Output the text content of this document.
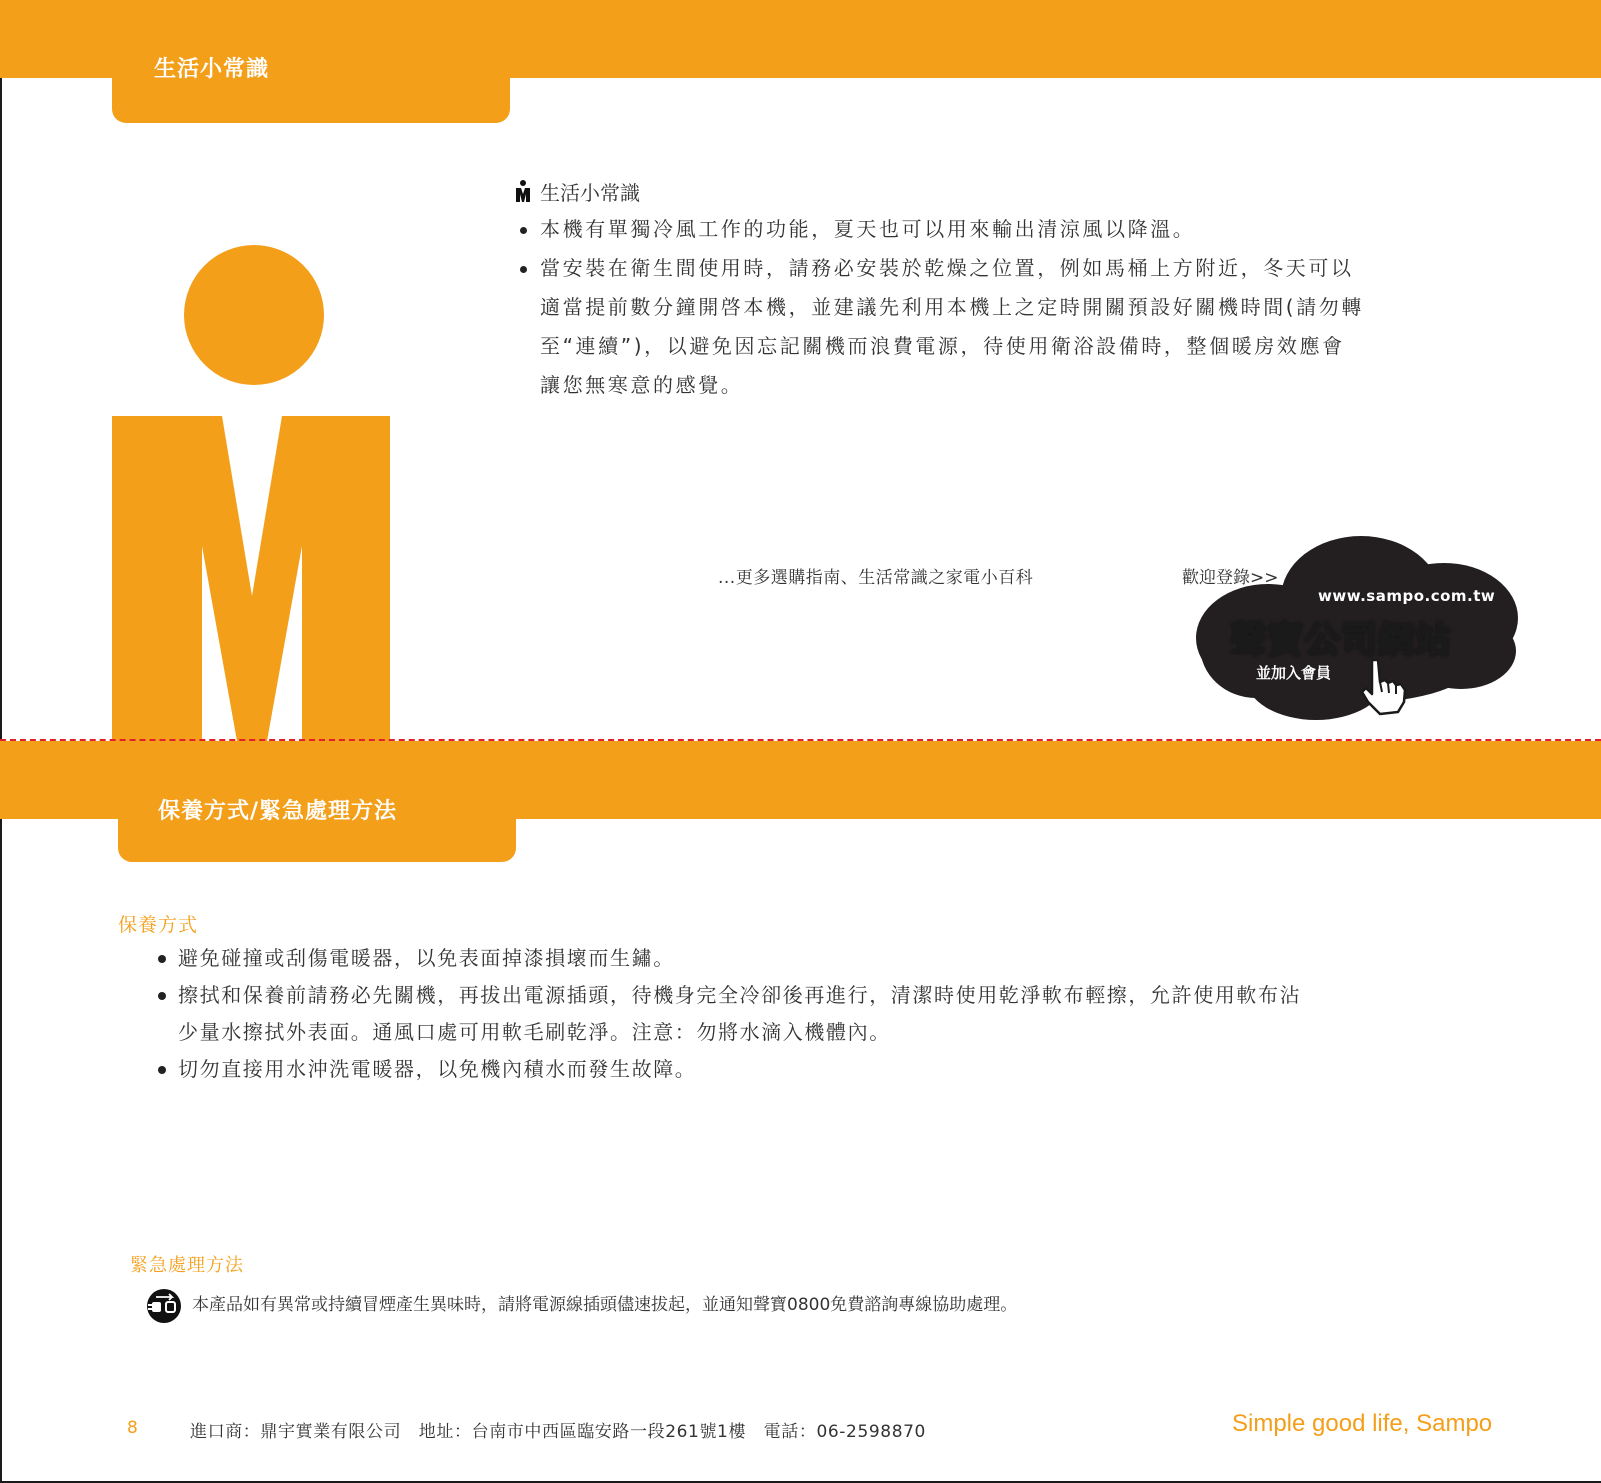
生活小常識
生活小常識
本機有單獨冷風工作的功能，夏天也可以用來輸出清涼風以降溫。
當安裝在衛生間使用時，請務必安裝於乾燥之位置，例如馬桶上方附近，冬天可以適當提前數分鐘開啓本機，並建議先利用本機上之定時開關預設好關機時間(請勿轉至“連續”)，以避免因忘記關機而浪費電源，待使用衛浴設備時，整個暖房效應會讓您無寒意的感覺。
...更多選購指南、生活常識之家電小百科	歡迎登錄>>
www.sampo.com.tw
聲寶公司網站
並加入會員
保養方式/緊急處理方法
保養方式
避免碰撞或刮傷電暖器，以免表面掉漆損壞而生鏽。
擦拭和保養前請務必先關機，再拔出電源插頭，待機身完全冷卻後再進行，清潔時使用乾淨軟布輕擦，允許使用軟布沾少量水擦拭外表面。通風口處可用軟毛刷乾淨。注意：勿將水滴入機體內。
切勿直接用水沖洗電暖器，以免機內積水而發生故障。
緊急處理方法
本產品如有異常或持續冒煙產生異味時，請將電源線插頭儘速拔起，並通知聲寶0800免費諮詢專線協助處理。
8	進口商：鼎宇實業有限公司　地址：台南市中西區臨安路一段261號1樓　電話：06-2598870	Simple good life, Sampo
